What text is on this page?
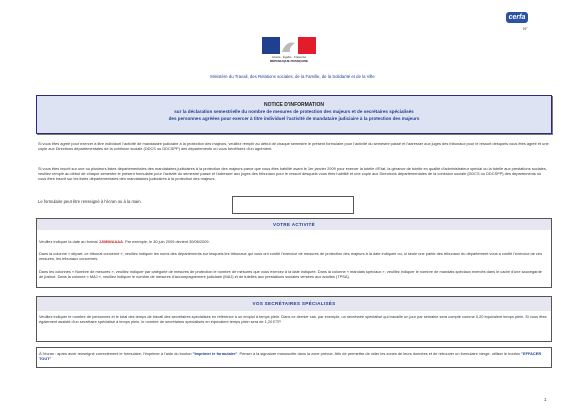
cerfa
N°
Liberté · Égalité · Fraternité
RÉPUBLIQUE FRANÇAISE
Ministère du Travail, des Relations sociales, de la Famille, de la Solidarité et de la Ville
NOTICE D'INFORMATION
sur la déclaration semestrielle du nombre de mesures de protection des majeurs et de secrétaires spécialisés
des personnes agréées pour exercer à titre individuel l'activité de mandataire judiciaire à la protection des majeurs
Si vous êtes agréé pour exercer à titre individuel l'activité de mandataire judiciaire à la protection des majeurs, veuillez remplir au début de chaque semestre le présent formulaire pour l'activité du semestre passé et l'adresser aux juges des tribunaux pour le ressort desquels vous êtes agréé et une copie aux Directions départementales de la cohésion sociale (DDCS ou DDCSPP) des départements où vous bénéficiez d'un agrément.
Si vous êtes inscrit sur une ou plusieurs listes départementales des mandataires judiciaires à la protection des majeurs parce que vous êtes habilité avant le 1er janvier 2009 pour exercer la tutelle d'Etat, la gérance de tutelle en qualité d'administrateur spécial ou la tutelle aux prestations sociales, veuillez remplir au début de chaque semestre le présent formulaire pour l'activité du semestre passé et l'adresser aux juges des tribunaux pour le ressort desquels vous êtes habilité et une copie aux Directions départementales de la cohésion sociale (DDCS ou DDCSPP) des départements où vous êtes inscrit sur les listes départementales des mandataires judiciaires à la protection des majeurs.
Le formulaire peut être renseigné à l'écran ou à la main.
VOTRE ACTIVITÉ
Veuillez indiquer la date au format JJ/MM/AAAA. Par exemple, le 30 juin 2009 devient 30/06/2009.
Dans la colonne « départ. ce tribunal concerné », veuillez indiquer les noms des départements sur lesquels les tribunaux qui vous ont confié l'exercice de mesures de protection des majeurs à la date indiquée ou, si seule une partie des tribunaux du département vous a confié l'exercice de ces mesures, les tribunaux concernés.
Dans les colonnes « Nombre de mesures », veuillez indiquer par catégorie de mesures de protection le nombre de mesures que vous exercez à la date indiquée. Dans la colonne « mandats spéciaux », veuillez indiquer le nombre de mandats spéciaux exercés dans le cadre d'une sauvegarde de justice. Dans la colonne « MAJ », veuillez indiquer le nombre de mesures d'accompagnement judiciaire (MAJ) et de tutelles aux prestations sociales versées aux adultes (TPSA).
VOS SECRÉTAIRES SPÉCIALISÉS
Veuillez indiquer le nombre de personnes et le total des temps de travail des secrétaires spécialisés en référence à un emploi à temps plein. Dans ce dernier cas, par exemple, un secrétaire spécialisé qui travaille un jour par semaine sera compté comme 0,20 équivalent temps plein. Si vous êtes également assisté d'un secrétaire spécialisé à temps plein, le nombre de secrétaires spécialisés en équivalent temps plein sera de 1,20 ETP.
À l'écran : après avoir renseigné correctement le formulaire, l'imprimer à l'aide du bouton "Imprimer le formulaire". Penser à la signature manuscrite dans la zone prévue. Afin de permettre de vider les zones de leurs données et de retrouver un formulaire vierge, utiliser le bouton "EFFACER TOUT"
1
